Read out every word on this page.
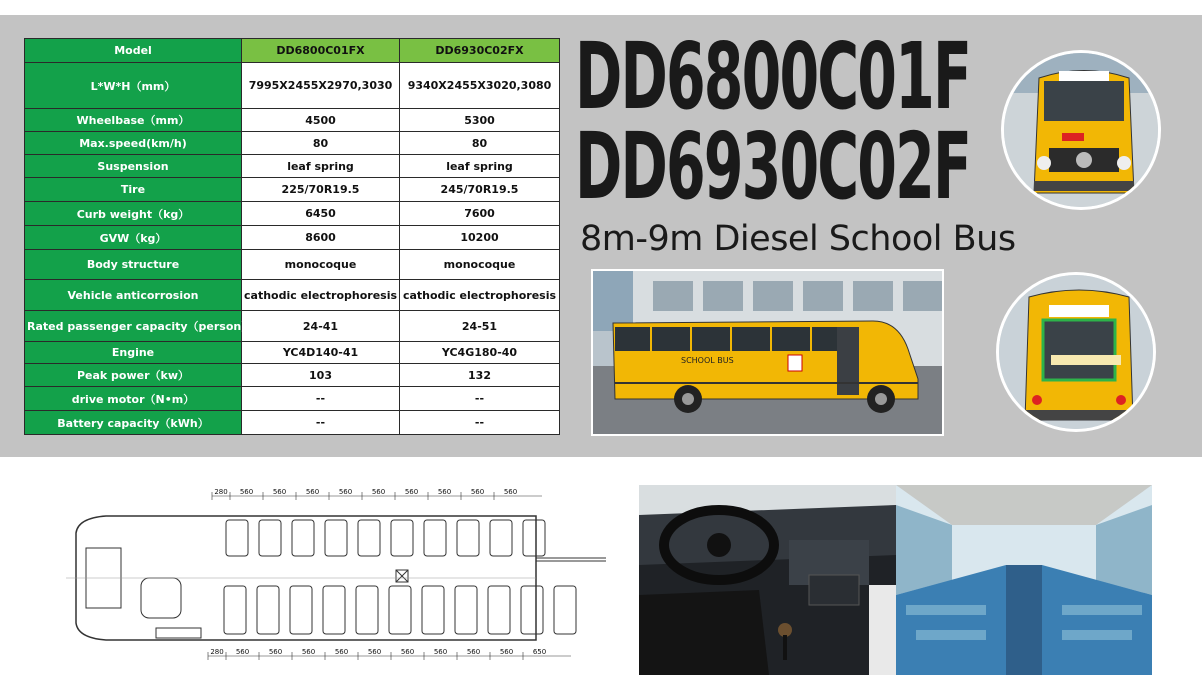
Model	DD6800C01FX	DD6930C02FX
L*W*H（mm）	7995X2455X2970,3030	9340X2455X3020,3080
Wheelbase（mm）	4500	5300
Max.speed(km/h)	80	80
Suspension	leaf spring	leaf spring
Tire	225/70R19.5	245/70R19.5
Curb weight（kg）	6450	7600
GVW（kg）	8600	10200
Body structure	monocoque	monocoque
Vehicle anticorrosion	cathodic electrophoresis	cathodic electrophoresis
Rated passenger capacity（person）	24-41	24-51
Engine	YC4D140-41	YC4G180-40
Peak power（kw）	103	132
drive motor（N•m）	--	--
Battery capacity（kWh）	--	--
DD6800C01F
DD6930C02F
8m-9m Diesel School Bus
SCHOOL BUS
280 560	560	560	560	560	560	560	560	560
280 560	560	560	560	560	560	560	560	560	650
